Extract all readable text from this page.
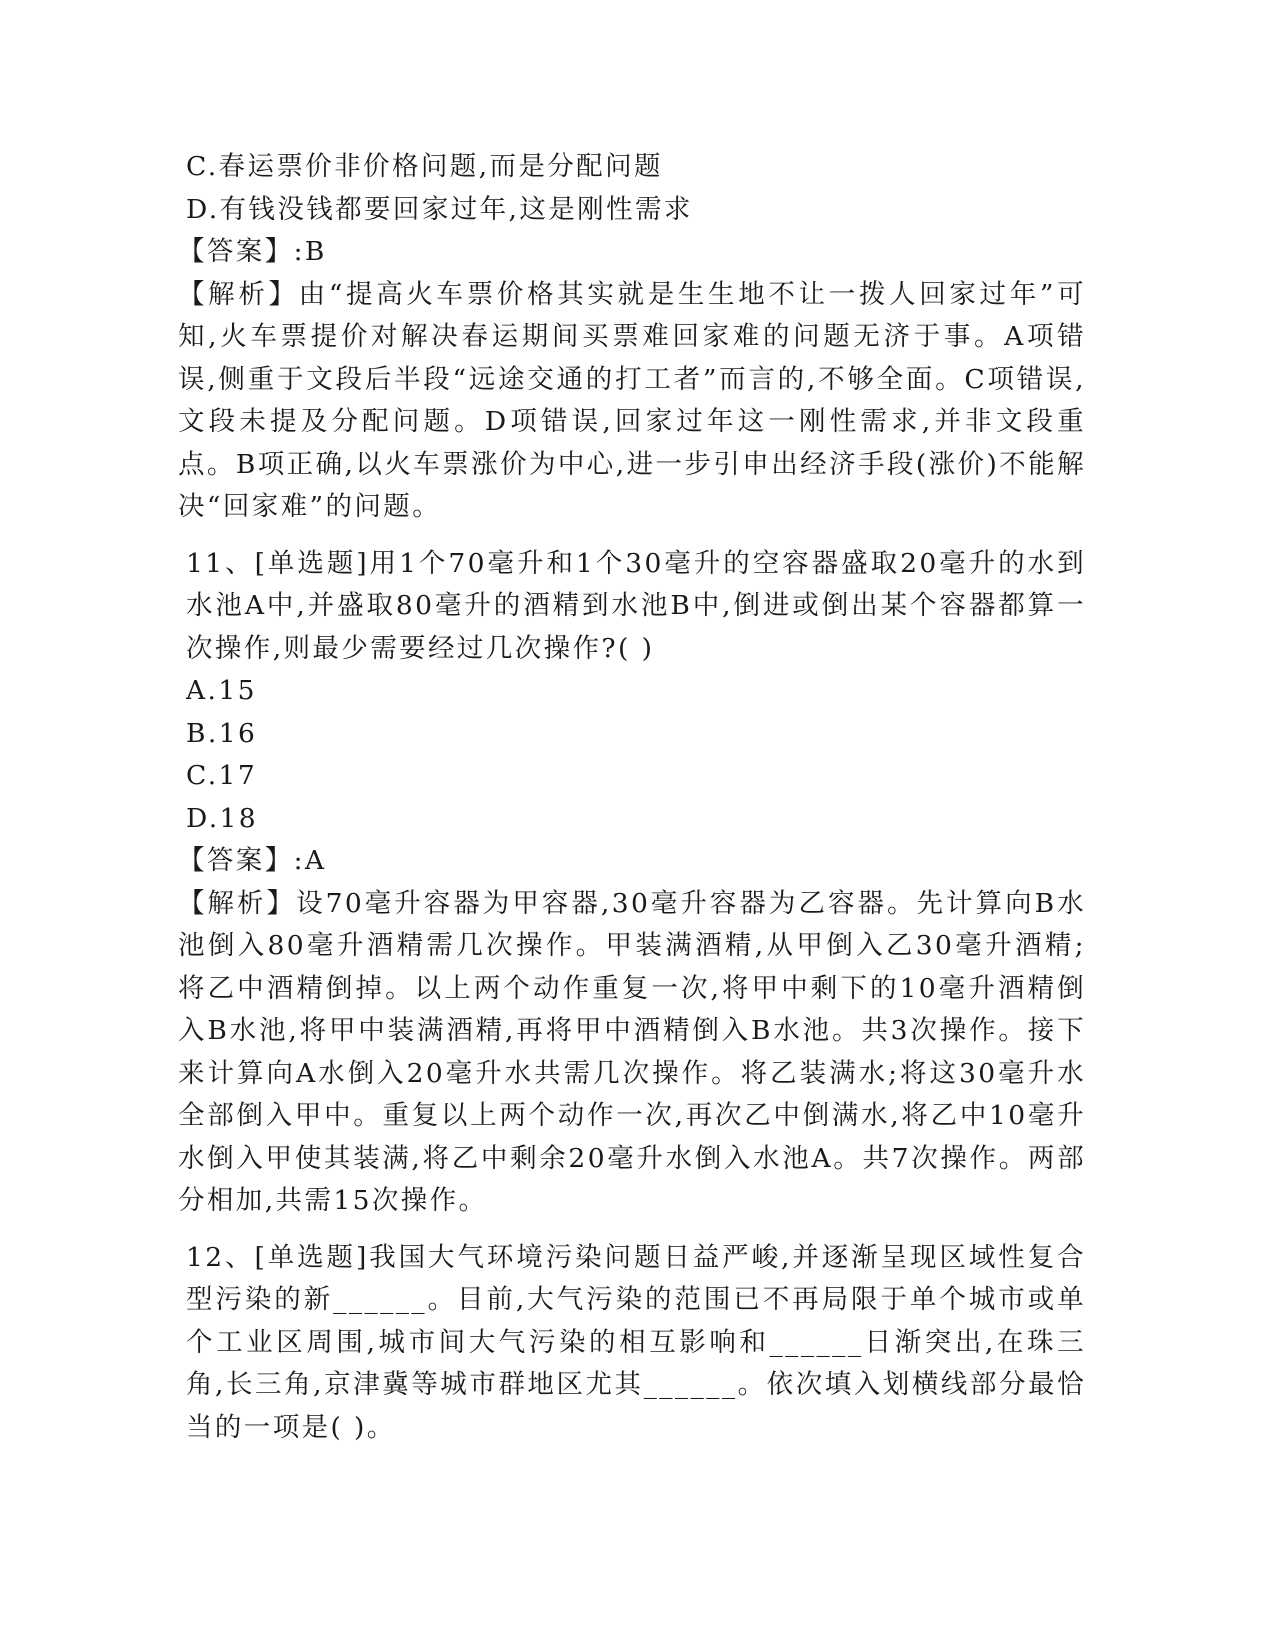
C.春运票价非价格问题,而是分配问题
D.有钱没钱都要回家过年,这是刚性需求
【答案】:B
【解析】由“提高火车票价格其实就是生生地不让一拨人回家过年”可知,火车票提价对解决春运期间买票难回家难的问题无济于事。A项错误,侧重于文段后半段“远途交通的打工者”而言的,不够全面。C项错误,文段未提及分配问题。D项错误,回家过年这一刚性需求,并非文段重点。B项正确,以火车票涨价为中心,进一步引申出经济手段(涨价)不能解决“回家难”的问题。
11、[单选题]用1个70毫升和1个30毫升的空容器盛取20毫升的水到水池A中,并盛取80毫升的酒精到水池B中,倒进或倒出某个容器都算一次操作,则最少需要经过几次操作?( )
A.15
B.16
C.17
D.18
【答案】:A
【解析】设70毫升容器为甲容器,30毫升容器为乙容器。先计算向B水池倒入80毫升酒精需几次操作。甲装满酒精,从甲倒入乙30毫升酒精;将乙中酒精倒掉。以上两个动作重复一次,将甲中剩下的10毫升酒精倒入B水池,将甲中装满酒精,再将甲中酒精倒入B水池。共3次操作。接下来计算向A水倒入20毫升水共需几次操作。将乙装满水;将这30毫升水全部倒入甲中。重复以上两个动作一次,再次乙中倒满水,将乙中10毫升水倒入甲使其装满,将乙中剩余20毫升水倒入水池A。共7次操作。两部分相加,共需15次操作。
12、[单选题]我国大气环境污染问题日益严峻,并逐渐呈现区域性复合型污染的新______。目前,大气污染的范围已不再局限于单个城市或单个工业区周围,城市间大气污染的相互影响和______日渐突出,在珠三角,长三角,京津冀等城市群地区尤其______。依次填入划横线部分最恰当的一项是( )。
